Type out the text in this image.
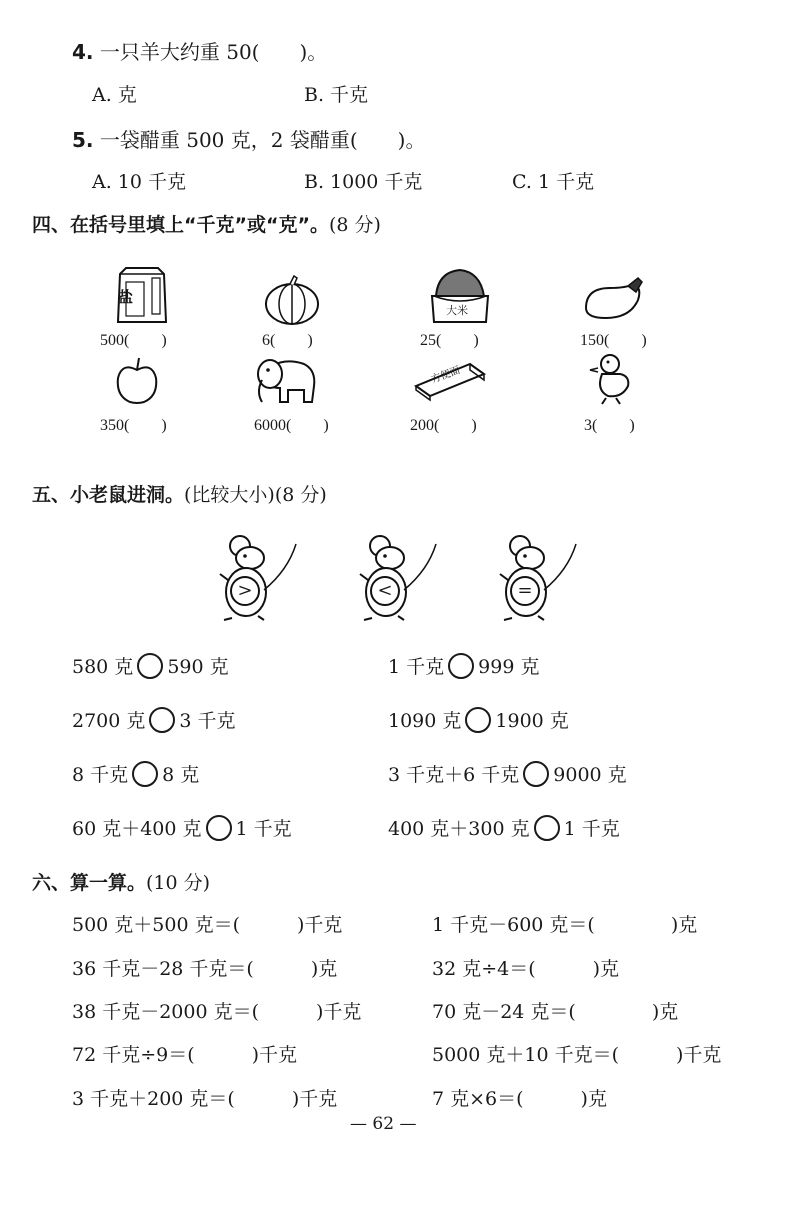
4. 一只羊大约重 50(　　)。
A. 克	B. 千克
5. 一袋醋重 500 克，2 袋醋重(　　)。
A. 10 千克	B. 1000 千克	C. 1 千克
四、在括号里填上“千克”或“克”。(8 分)
盐
大米
500(　　)	6(　　)	25(　　)	150(　　)
方便面
350(　　)	6000(　　)	200(　　)	3(　　)
五、小老鼠进洞。(比较大小)(8 分)
>	<	=
580 克 590 克	1 千克 999 克
2700 克 3 千克	1090 克 1900 克
8 千克 8 克	3 千克＋6 千克 9000 克
60 克＋400 克 1 千克	400 克＋300 克 1 千克
六、算一算。(10 分)
500 克＋500 克＝(　　　)千克	1 千克－600 克＝(　　　　)克
36 千克－28 千克＝(　　　)克	32 克÷4＝(　　　)克
38 千克－2000 克＝(　　　)千克	70 克－24 克＝(　　　　)克
72 千克÷9＝(　　　)千克	5000 克＋10 千克＝(　　　)千克
3 千克＋200 克＝(　　　)千克	7 克×6＝(　　　)克
— 62 —
